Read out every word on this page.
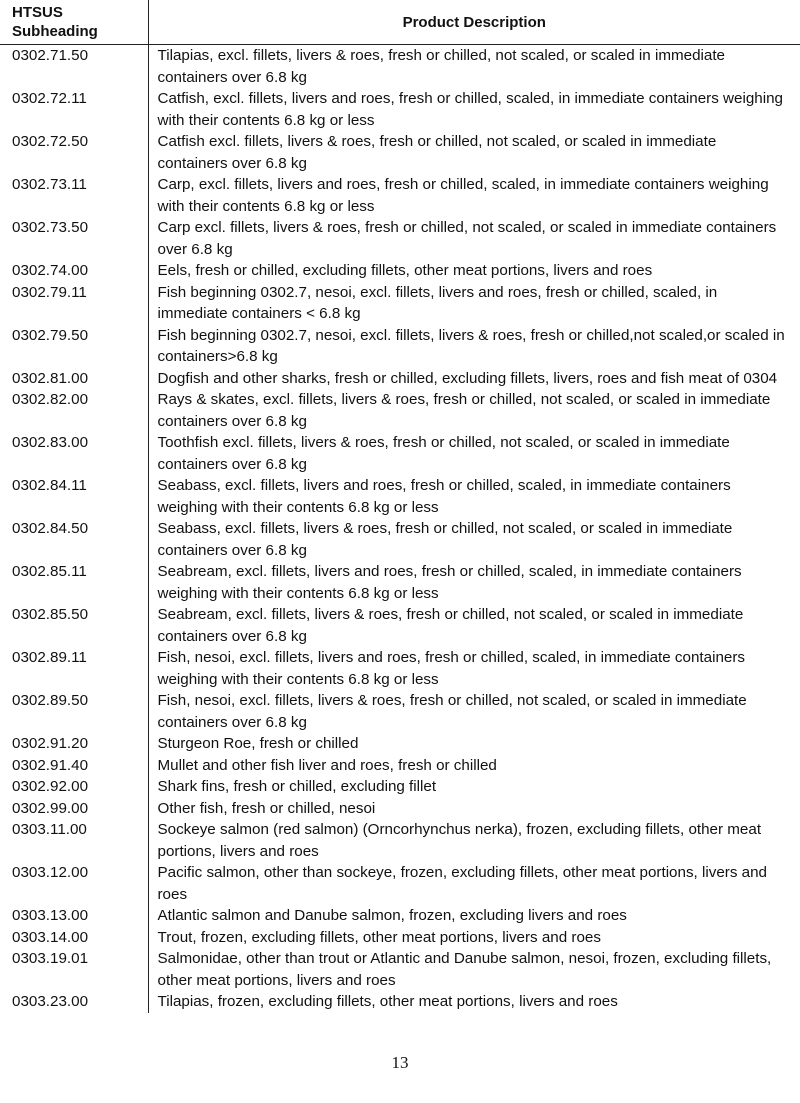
HTSUS Subheading	Product Description
0302.71.50	Tilapias, excl. fillets, livers & roes, fresh or chilled, not scaled, or scaled in immediate containers over 6.8 kg
0302.72.11	Catfish, excl. fillets, livers and roes, fresh or chilled, scaled, in immediate containers weighing with their contents 6.8 kg or less
0302.72.50	Catfish excl. fillets, livers & roes, fresh or chilled, not scaled, or scaled in immediate containers over 6.8 kg
0302.73.11	Carp, excl. fillets, livers and roes, fresh or chilled, scaled, in immediate containers weighing with their contents 6.8 kg or less
0302.73.50	Carp excl. fillets, livers & roes, fresh or chilled, not scaled, or scaled in immediate containers over 6.8 kg
0302.74.00	Eels, fresh or chilled, excluding fillets, other meat portions, livers and roes
0302.79.11	Fish beginning 0302.7, nesoi, excl. fillets, livers and roes, fresh or chilled, scaled, in immediate containers < 6.8 kg
0302.79.50	Fish beginning 0302.7, nesoi, excl. fillets, livers & roes, fresh or chilled,not scaled,or scaled in containers>6.8 kg
0302.81.00	Dogfish and other sharks, fresh or chilled, excluding fillets, livers, roes and fish meat of 0304
0302.82.00	Rays & skates, excl. fillets, livers & roes, fresh or chilled, not scaled, or scaled in immediate containers over 6.8 kg
0302.83.00	Toothfish excl. fillets, livers & roes, fresh or chilled, not scaled, or scaled in immediate containers over 6.8 kg
0302.84.11	Seabass, excl. fillets, livers and roes, fresh or chilled, scaled, in immediate containers weighing with their contents 6.8 kg or less
0302.84.50	Seabass, excl. fillets, livers & roes, fresh or chilled, not scaled, or scaled in immediate containers over 6.8 kg
0302.85.11	Seabream, excl. fillets, livers and roes, fresh or chilled, scaled, in immediate containers weighing with their contents 6.8 kg or less
0302.85.50	Seabream, excl. fillets, livers & roes, fresh or chilled, not scaled, or scaled in immediate containers over 6.8 kg
0302.89.11	Fish, nesoi, excl. fillets, livers and roes, fresh or chilled, scaled, in immediate containers weighing with their contents 6.8 kg or less
0302.89.50	Fish, nesoi, excl. fillets, livers & roes, fresh or chilled, not scaled, or scaled in immediate containers over 6.8 kg
0302.91.20	Sturgeon Roe, fresh or chilled
0302.91.40	Mullet and other fish liver and roes, fresh or chilled
0302.92.00	Shark fins, fresh or chilled, excluding fillet
0302.99.00	Other fish, fresh or chilled, nesoi
0303.11.00	Sockeye salmon (red salmon) (Orncorhynchus nerka), frozen, excluding fillets, other meat portions, livers and roes
0303.12.00	Pacific salmon, other than sockeye, frozen, excluding fillets, other meat portions, livers and roes
0303.13.00	Atlantic salmon and Danube salmon, frozen, excluding livers and roes
0303.14.00	Trout, frozen, excluding fillets, other meat portions, livers and roes
0303.19.01	Salmonidae, other than trout or Atlantic and Danube salmon, nesoi, frozen, excluding fillets, other meat portions, livers and roes
0303.23.00	Tilapias, frozen, excluding fillets, other meat portions, livers and roes
13
